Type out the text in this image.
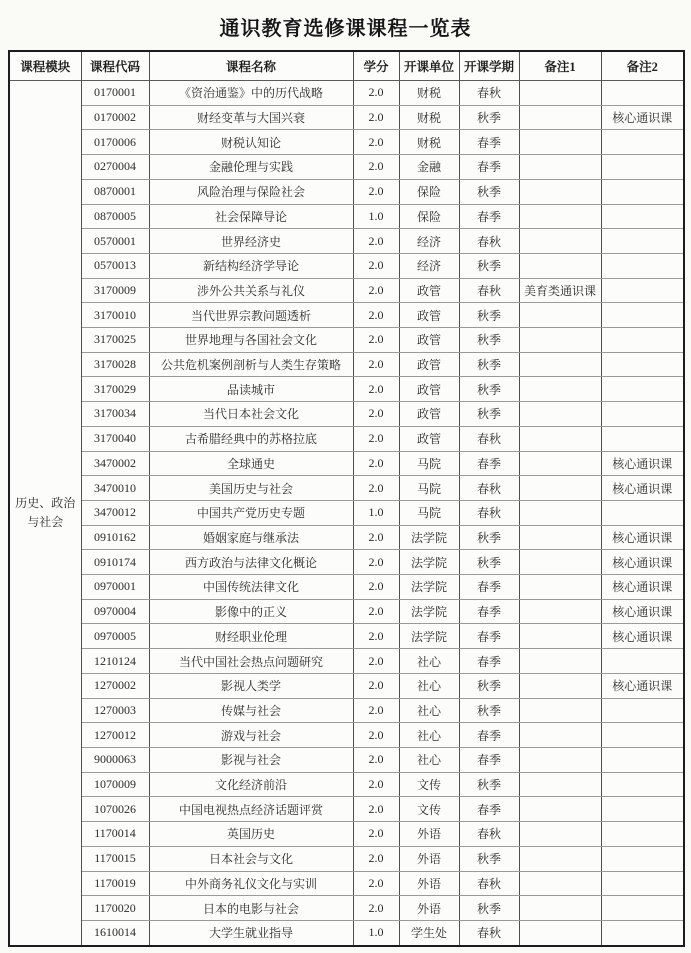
通识教育选修课课程一览表
课程模块	课程代码	课程名称	学分	开课单位	开课学期	备注1	备注2

历史、政治
与社会	0170001	《资治通鉴》中的历代战略	2.0	财税	春秋		
	0170002	财经变革与大国兴衰	2.0	财税	秋季		核心通识课
	0170006	财税认知论	2.0	财税	春季		
	0270004	金融伦理与实践	2.0	金融	春季		
	0870001	风险治理与保险社会	2.0	保险	秋季		
	0870005	社会保障导论	1.0	保险	春季		
	0570001	世界经济史	2.0	经济	春秋		
	0570013	新结构经济学导论	2.0	经济	秋季		
	3170009	涉外公共关系与礼仪	2.0	政管	春秋	美育类通识课	
	3170010	当代世界宗教问题透析	2.0	政管	秋季		
	3170025	世界地理与各国社会文化	2.0	政管	秋季		
	3170028	公共危机案例剖析与人类生存策略	2.0	政管	秋季		
	3170029	品读城市	2.0	政管	秋季		
	3170034	当代日本社会文化	2.0	政管	秋季		
	3170040	古希腊经典中的苏格拉底	2.0	政管	春秋		
	3470002	全球通史	2.0	马院	春季		核心通识课
	3470010	美国历史与社会	2.0	马院	春秋		核心通识课
	3470012	中国共产党历史专题	1.0	马院	春秋		
	0910162	婚姻家庭与继承法	2.0	法学院	秋季		核心通识课
	0910174	西方政治与法律文化概论	2.0	法学院	秋季		核心通识课
	0970001	中国传统法律文化	2.0	法学院	春季		核心通识课
	0970004	影像中的正义	2.0	法学院	春季		核心通识课
	0970005	财经职业伦理	2.0	法学院	春季		核心通识课
	1210124	当代中国社会热点问题研究	2.0	社心	春季		
	1270002	影视人类学	2.0	社心	秋季		核心通识课
	1270003	传媒与社会	2.0	社心	秋季		
	1270012	游戏与社会	2.0	社心	春季		
	9000063	影视与社会	2.0	社心	春季		
	1070009	文化经济前沿	2.0	文传	秋季		
	1070026	中国电视热点经济话题评赏	2.0	文传	春季		
	1170014	英国历史	2.0	外语	春秋		
	1170015	日本社会与文化	2.0	外语	秋季		
	1170019	中外商务礼仪文化与实训	2.0	外语	春秋		
	1170020	日本的电影与社会	2.0	外语	秋季		
	1610014	大学生就业指导	1.0	学生处	春秋		
